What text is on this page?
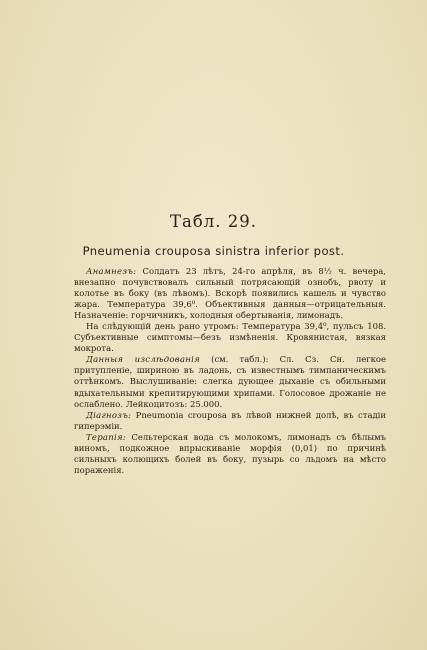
Табл. 29.
Pneumenia crouposa sinistra inferior post.

Анамнезъ: Солдатъ 23 лѣтъ, 24-го апрѣля, въ 8½ ч. вечера, внезапно почувствовалъ сильный потрясающій ознобъ, рвоту и колотье въ боку (въ лѣвомъ). Вскорѣ появились кашель и чувство жара. Температура 39,6⁰. Объективныя данныя—отрицательныя. Назначеніе: горчичникъ, холодныя обертыванія, лимонадъ.

На слѣдующій день рано утромъ: Температура 39,4⁰, пульсъ 108. Субъективные симптомы—безъ измѣненія. Кровянистая, вязкая мокрота.

Данныя изслѣдованія (см. табл.): Сл. Сз. Сн. легкое притупленіе, шириною въ ладонь, съ известнымъ тимпаническимъ оттѣнкомъ. Выслушиваніе: слегка дующее дыханіе съ обильными вдыхательными крепитирующими хрипами. Голосовое дрожаніе не ослаблено. Лейкоцитозъ: 25.000.

Діагнозъ: Pneumonia crouposa въ лѣвой нижней долѣ, въ стадіи гиперэміи.

Терапія: Сельтерская вода съ молокомъ, лимонадъ съ бѣлымъ виномъ, подкожное впрыскиваніе морфія (0,01) по причинѣ сильныхъ колющихъ болей въ боку, пузырь со льдомъ на мѣсто пораженія.
